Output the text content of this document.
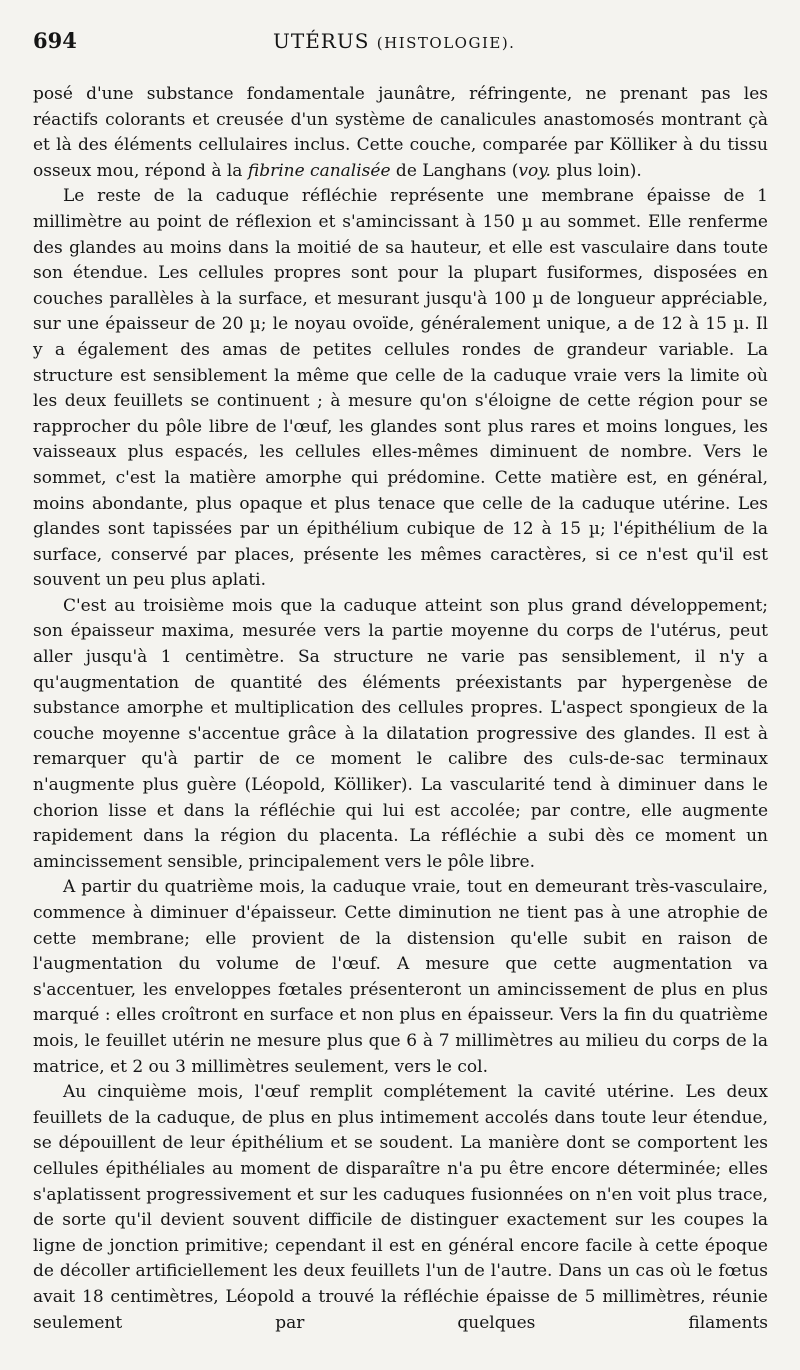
694	UTÉRUS (HISTOLOGIE).

posé d'une substance fondamentale jaunâtre, réfringente, ne prenant pas les réactifs colorants et creusée d'un système de canalicules anastomosés montrant çà et là des éléments cellulaires inclus. Cette couche, comparée par Kölliker à du tissu osseux mou, répond à la fibrine canalisée de Langhans (voy. plus loin).

Le reste de la caduque réfléchie représente une membrane épaisse de 1 millimètre au point de réflexion et s'amincissant à 150 µ au sommet. Elle renferme des glandes au moins dans la moitié de sa hauteur, et elle est vasculaire dans toute son étendue. Les cellules propres sont pour la plupart fusiformes, disposées en couches parallèles à la surface, et mesurant jusqu'à 100 µ de longueur appréciable, sur une épaisseur de 20 µ; le noyau ovoïde, généralement unique, a de 12 à 15 µ. Il y a également des amas de petites cellules rondes de grandeur variable. La structure est sensiblement la même que celle de la caduque vraie vers la limite où les deux feuillets se continuent ; à mesure qu'on s'éloigne de cette région pour se rapprocher du pôle libre de l'œuf, les glandes sont plus rares et moins longues, les vaisseaux plus espacés, les cellules elles-mêmes diminuent de nombre. Vers le sommet, c'est la matière amorphe qui prédomine. Cette matière est, en général, moins abondante, plus opaque et plus tenace que celle de la caduque utérine. Les glandes sont tapissées par un épithélium cubique de 12 à 15 µ; l'épithélium de la surface, conservé par places, présente les mêmes caractères, si ce n'est qu'il est souvent un peu plus aplati.

C'est au troisième mois que la caduque atteint son plus grand développement; son épaisseur maxima, mesurée vers la partie moyenne du corps de l'utérus, peut aller jusqu'à 1 centimètre. Sa structure ne varie pas sensiblement, il n'y a qu'augmentation de quantité des éléments préexistants par hypergenèse de substance amorphe et multiplication des cellules propres. L'aspect spongieux de la couche moyenne s'accentue grâce à la dilatation progressive des glandes. Il est à remarquer qu'à partir de ce moment le calibre des culs-de-sac terminaux n'augmente plus guère (Léopold, Kölliker). La vascularité tend à diminuer dans le chorion lisse et dans la réfléchie qui lui est accolée; par contre, elle augmente rapidement dans la région du placenta. La réfléchie a subi dès ce moment un amincissement sensible, principalement vers le pôle libre.

A partir du quatrième mois, la caduque vraie, tout en demeurant très-vasculaire, commence à diminuer d'épaisseur. Cette diminution ne tient pas à une atrophie de cette membrane; elle provient de la distension qu'elle subit en raison de l'augmentation du volume de l'œuf. A mesure que cette augmentation va s'accentuer, les enveloppes fœtales présenteront un amincissement de plus en plus marqué : elles croîtront en surface et non plus en épaisseur. Vers la fin du quatrième mois, le feuillet utérin ne mesure plus que 6 à 7 millimètres au milieu du corps de la matrice, et 2 ou 3 millimètres seulement, vers le col.

Au cinquième mois, l'œuf remplit complétement la cavité utérine. Les deux feuillets de la caduque, de plus en plus intimement accolés dans toute leur étendue, se dépouillent de leur épithélium et se soudent. La manière dont se comportent les cellules épithéliales au moment de disparaître n'a pu être encore déterminée; elles s'aplatissent progressivement et sur les caduques fusionnées on n'en voit plus trace, de sorte qu'il devient souvent difficile de distinguer exactement sur les coupes la ligne de jonction primitive; cependant il est en général encore facile à cette époque de décoller artificiellement les deux feuillets l'un de l'autre. Dans un cas où le fœtus avait 18 centimètres, Léopold a trouvé la réfléchie épaisse de 5 millimètres, réunie seulement par quelques filaments
